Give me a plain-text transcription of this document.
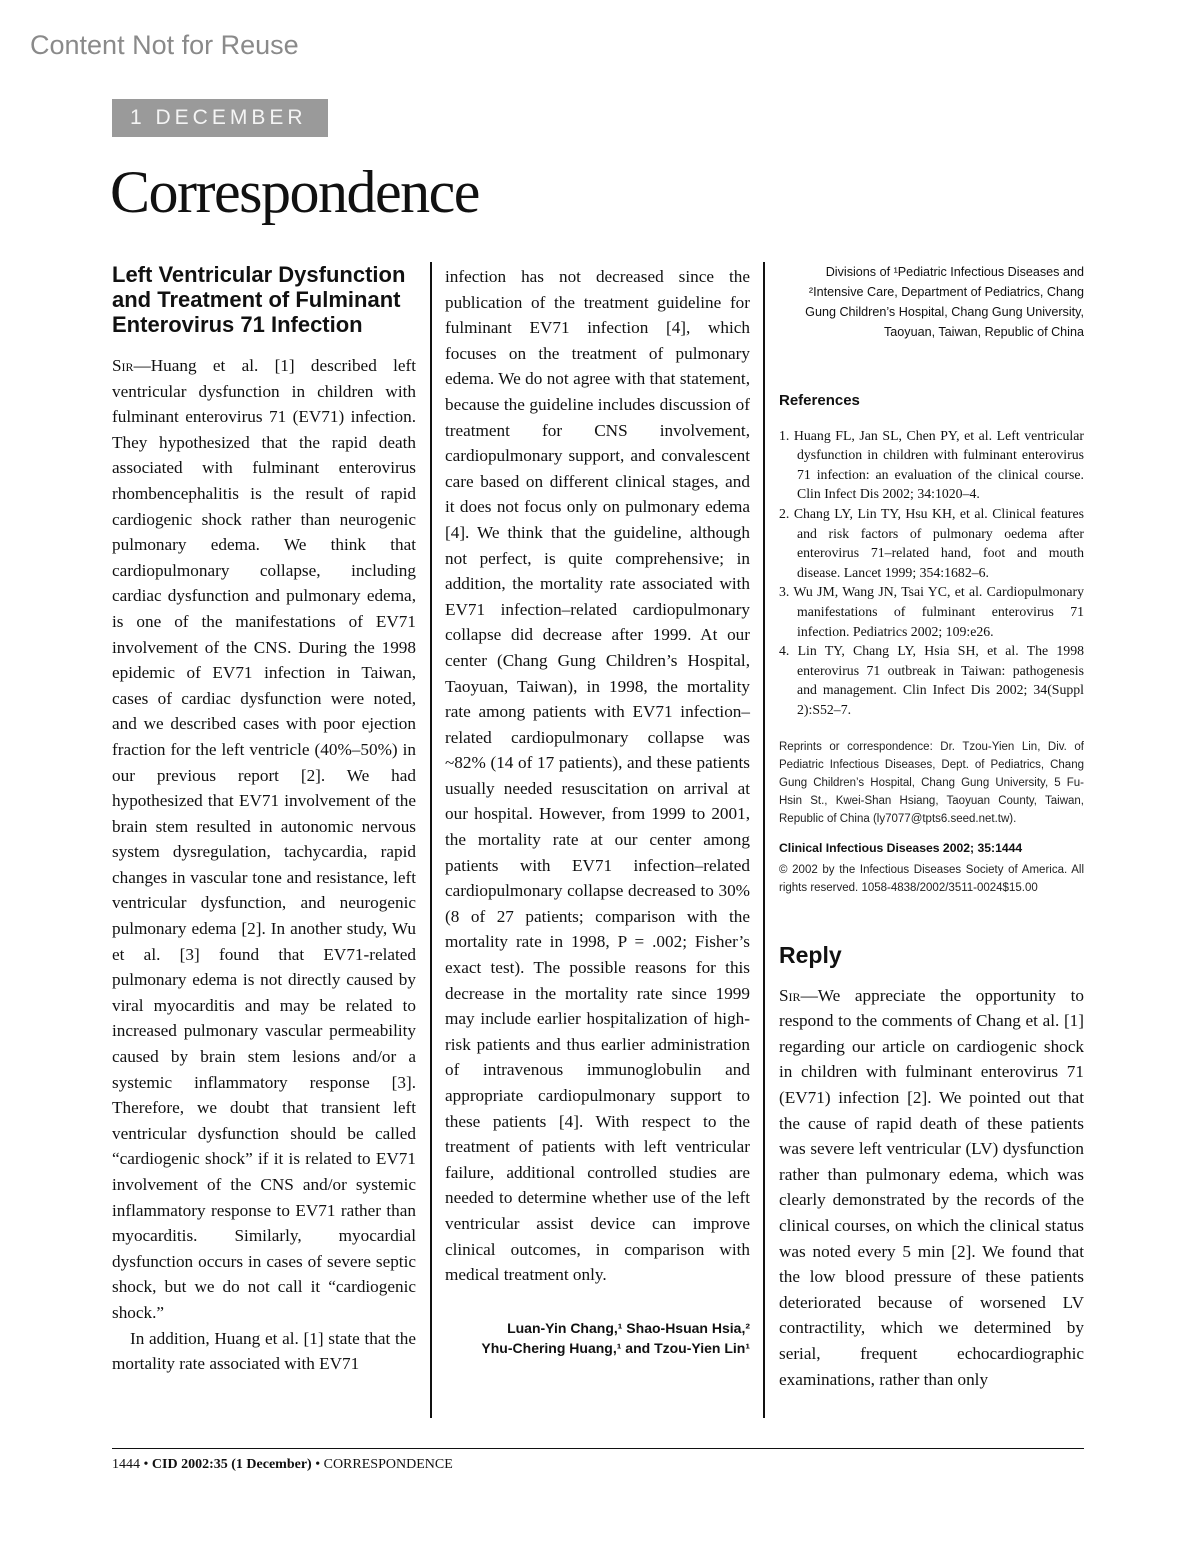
Content Not for Reuse
1 DECEMBER
Correspondence
Left Ventricular Dysfunction and Treatment of Fulminant Enterovirus 71 Infection

Sir—Huang et al. [1] described left ventricular dysfunction in children with fulminant enterovirus 71 (EV71) infection. They hypothesized that the rapid death associated with fulminant enterovirus rhombencephalitis is the result of rapid cardiogenic shock rather than neurogenic pulmonary edema. We think that cardiopulmonary collapse, including cardiac dysfunction and pulmonary edema, is one of the manifestations of EV71 involvement of the CNS. During the 1998 epidemic of EV71 infection in Taiwan, cases of cardiac dysfunction were noted, and we described cases with poor ejection fraction for the left ventricle (40%–50%) in our previous report [2]. We had hypothesized that EV71 involvement of the brain stem resulted in autonomic nervous system dysregulation, tachycardia, rapid changes in vascular tone and resistance, left ventricular dysfunction, and neurogenic pulmonary edema [2]. In another study, Wu et al. [3] found that EV71-related pulmonary edema is not directly caused by viral myocarditis and may be related to increased pulmonary vascular permeability caused by brain stem lesions and/or a systemic inflammatory response [3]. Therefore, we doubt that transient left ventricular dysfunction should be called “cardiogenic shock” if it is related to EV71 involvement of the CNS and/or systemic inflammatory response to EV71 rather than myocarditis. Similarly, myocardial dysfunction occurs in cases of severe septic shock, but we do not call it “cardiogenic shock.”

In addition, Huang et al. [1] state that the mortality rate associated with EV71

infection has not decreased since the publication of the treatment guideline for fulminant EV71 infection [4], which focuses on the treatment of pulmonary edema. We do not agree with that statement, because the guideline includes discussion of treatment for CNS involvement, cardiopulmonary support, and convalescent care based on different clinical stages, and it does not focus only on pulmonary edema [4]. We think that the guideline, although not perfect, is quite comprehensive; in addition, the mortality rate associated with EV71 infection–related cardiopulmonary collapse did decrease after 1999. At our center (Chang Gung Children’s Hospital, Taoyuan, Taiwan), in 1998, the mortality rate among patients with EV71 infection–related cardiopulmonary collapse was ~82% (14 of 17 patients), and these patients usually needed resuscitation on arrival at our hospital. However, from 1999 to 2001, the mortality rate at our center among patients with EV71 infection–related cardiopulmonary collapse decreased to 30% (8 of 27 patients; comparison with the mortality rate in 1998, P = .002; Fisher’s exact test). The possible reasons for this decrease in the mortality rate since 1999 may include earlier hospitalization of high-risk patients and thus earlier administration of intravenous immunoglobulin and appropriate cardiopulmonary support to these patients [4]. With respect to the treatment of patients with left ventricular failure, additional controlled studies are needed to determine whether use of the left ventricular assist device can improve clinical outcomes, in comparison with medical treatment only.

Luan-Yin Chang,¹ Shao-Hsuan Hsia,²
Yhu-Chering Huang,¹ and Tzou-Yien Lin¹
Divisions of ¹Pediatric Infectious Diseases and ²Intensive Care, Department of Pediatrics, Chang Gung Children’s Hospital, Chang Gung University, Taoyuan, Taiwan, Republic of China
References
1. Huang FL, Jan SL, Chen PY, et al. Left ventricular dysfunction in children with fulminant enterovirus 71 infection: an evaluation of the clinical course. Clin Infect Dis 2002; 34:1020–4.
2. Chang LY, Lin TY, Hsu KH, et al. Clinical features and risk factors of pulmonary oedema after enterovirus 71–related hand, foot and mouth disease. Lancet 1999; 354:1682–6.
3. Wu JM, Wang JN, Tsai YC, et al. Cardiopulmonary manifestations of fulminant enterovirus 71 infection. Pediatrics 2002; 109:e26.
4. Lin TY, Chang LY, Hsia SH, et al. The 1998 enterovirus 71 outbreak in Taiwan: pathogenesis and management. Clin Infect Dis 2002; 34(Suppl 2):S52–7.
Reprints or correspondence: Dr. Tzou-Yien Lin, Div. of Pediatric Infectious Diseases, Dept. of Pediatrics, Chang Gung Children’s Hospital, Chang Gung University, 5 Fu-Hsin St., Kwei-Shan Hsiang, Taoyuan County, Taiwan, Republic of China (ly7077@tpts6.seed.net.tw).
Clinical Infectious Diseases 2002; 35:1444
© 2002 by the Infectious Diseases Society of America. All rights reserved. 1058-4838/2002/3511-0024$15.00
Reply

Sir—We appreciate the opportunity to respond to the comments of Chang et al. [1] regarding our article on cardiogenic shock in children with fulminant enterovirus 71 (EV71) infection [2]. We pointed out that the cause of rapid death of these patients was severe left ventricular (LV) dysfunction rather than pulmonary edema, which was clearly demonstrated by the records of the clinical courses, on which the clinical status was noted every 5 min [2]. We found that the low blood pressure of these patients deteriorated because of worsened LV contractility, which we determined by serial, frequent echocardiographic examinations, rather than only

1444 • CID 2002:35 (1 December) • CORRESPONDENCE
